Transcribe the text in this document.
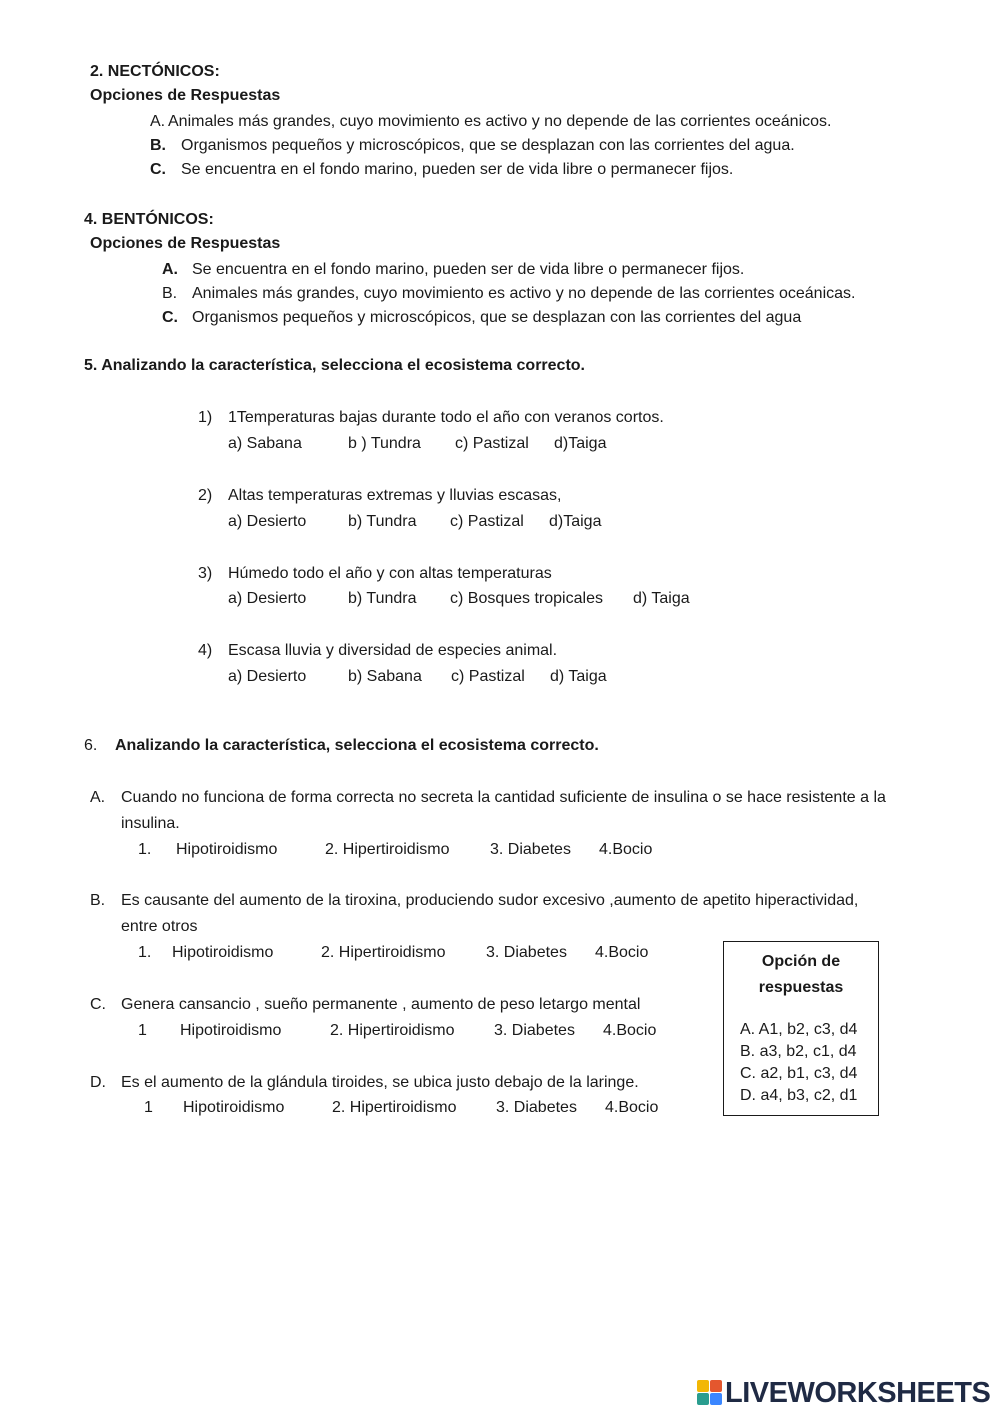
2. NECTÓNICOS:
Opciones de Respuestas
A. Animales más grandes, cuyo movimiento es activo y no depende de las corrientes oceánicos.
B. Organismos pequeños y microscópicos, que se desplazan con las corrientes del agua.
C. Se encuentra en el fondo marino, pueden ser de vida libre o permanecer fijos.
4. BENTÓNICOS:
Opciones de Respuestas
A. Se encuentra en el fondo marino, pueden ser de vida libre o permanecer fijos.
B. Animales más grandes, cuyo movimiento es activo y no depende de las corrientes oceánicas.
C. Organismos pequeños y microscópicos, que se desplazan con las corrientes del agua
5. Analizando la característica, selecciona el ecosistema correcto.
1) 1Temperaturas bajas durante todo el año con veranos cortos.
a) Sabana	b ) Tundra c) Pastizal d)Taiga
2) Altas temperaturas extremas y lluvias escasas,
a) Desierto	b) Tundra c) Pastizal d)Taiga
3) Húmedo todo el año y con altas temperaturas
a) Desierto	b) Tundra c) Bosques tropicales d) Taiga
4) Escasa lluvia y diversidad de especies animal.
a) Desierto	b) Sabana c) Pastizal d) Taiga
6. Analizando la característica, selecciona el ecosistema correcto.
A. Cuando no funciona de forma correcta no secreta la cantidad suficiente de insulina o se hace resistente a la
insulina.
1. Hipotiroidismo	2. Hipertiroidismo	3. Diabetes 4.Bocio
B. Es causante del aumento de la tiroxina, produciendo sudor excesivo ,aumento de apetito hiperactividad,
entre otros
1. Hipotiroidismo	2. Hipertiroidismo	3. Diabetes 4.Bocio
C. Genera cansancio , sueño permanente , aumento de peso letargo mental
1 Hipotiroidismo	2. Hipertiroidismo 3. Diabetes 4.Bocio
D. Es el aumento de la glándula tiroides, se ubica justo debajo de la laringe.
1 Hipotiroidismo	2. Hipertiroidismo 3. Diabetes 4.Bocio
Opción de
respuestas
A. A1, b2, c3, d4
B. a3, b2, c1, d4
C. a2, b1, c3, d4
D. a4, b3, c2, d1
LIVEWORKSHEETS
